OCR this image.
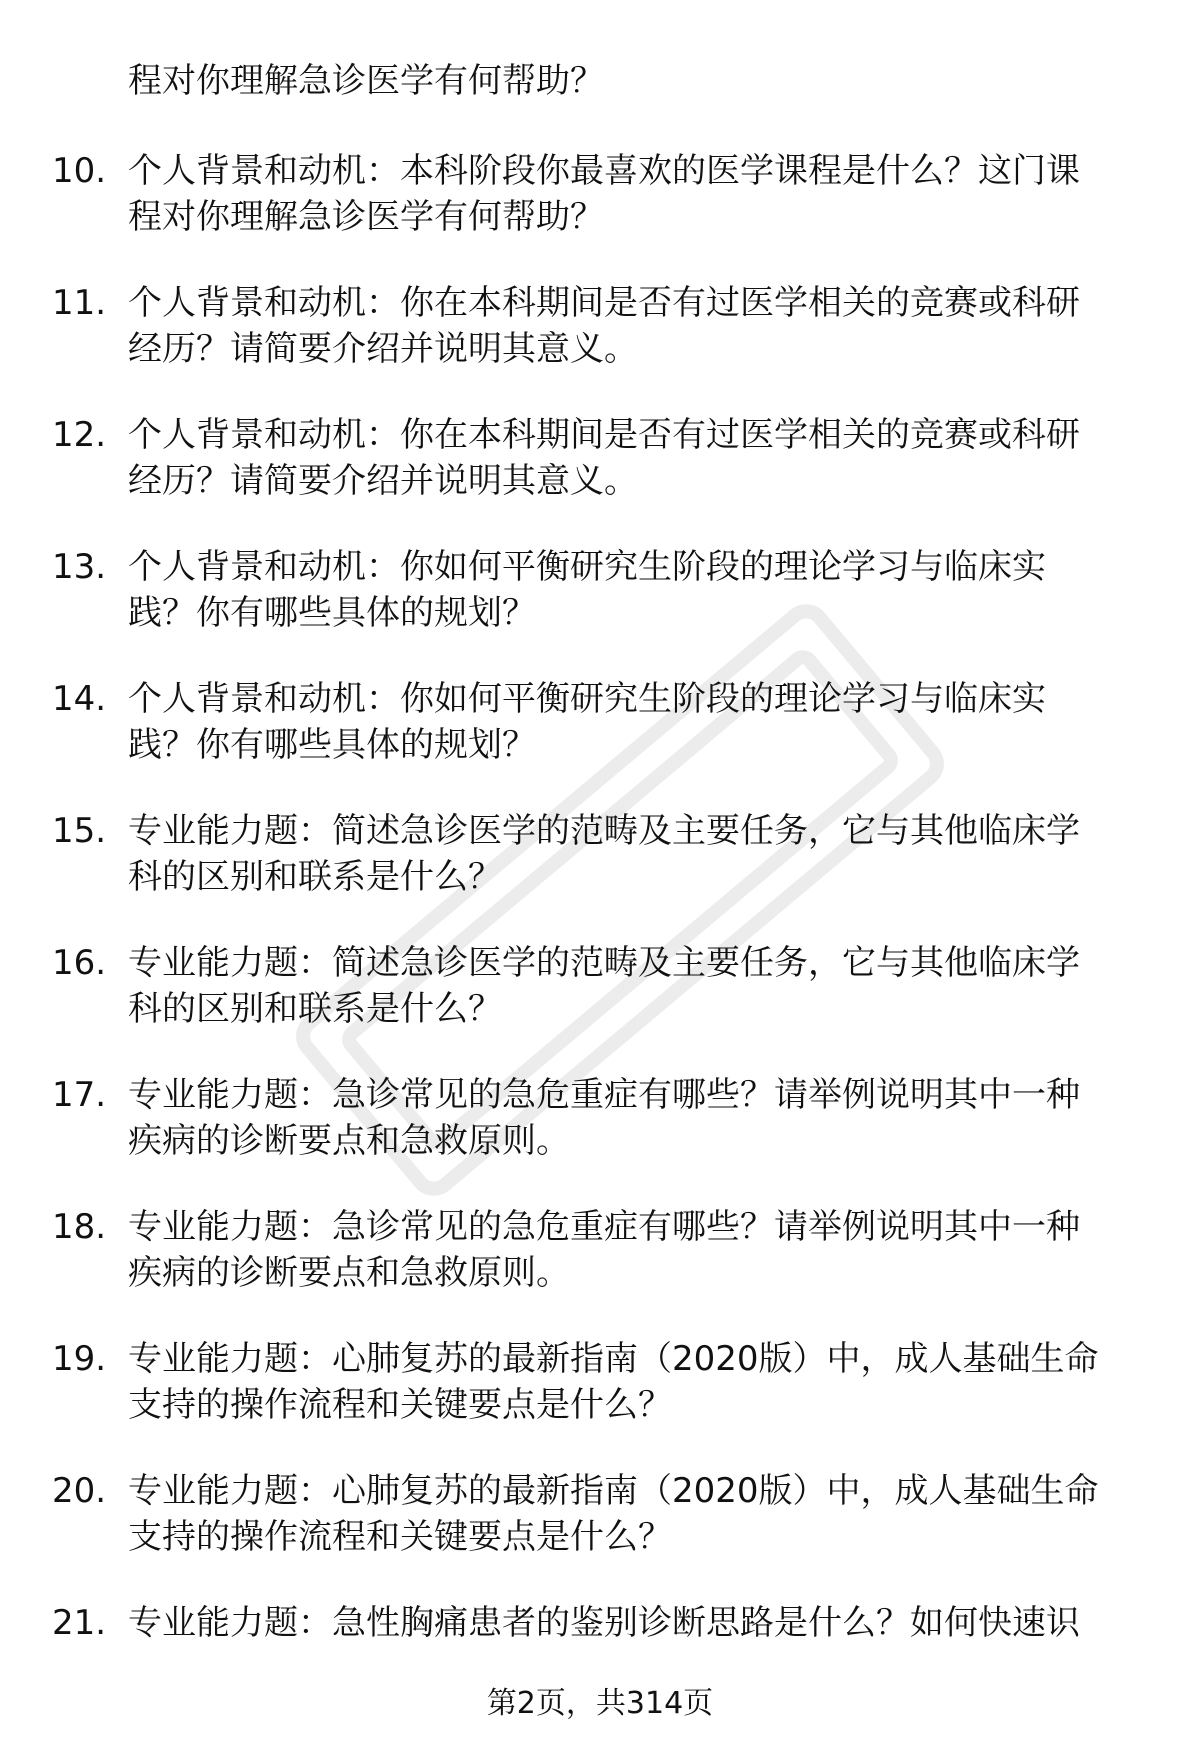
程对你理解急诊医学有何帮助？
10. 个人背景和动机：本科阶段你最喜欢的医学课程是什么？这门课
程对你理解急诊医学有何帮助？
11. 个人背景和动机：你在本科期间是否有过医学相关的竞赛或科研
经历？请简要介绍并说明其意义。
12. 个人背景和动机：你在本科期间是否有过医学相关的竞赛或科研
经历？请简要介绍并说明其意义。
13. 个人背景和动机：你如何平衡研究生阶段的理论学习与临床实
践？你有哪些具体的规划？
14. 个人背景和动机：你如何平衡研究生阶段的理论学习与临床实
践？你有哪些具体的规划？
15. 专业能力题：简述急诊医学的范畴及主要任务，它与其他临床学
科的区别和联系是什么？
16. 专业能力题：简述急诊医学的范畴及主要任务，它与其他临床学
科的区别和联系是什么？
17. 专业能力题：急诊常见的急危重症有哪些？请举例说明其中一种
疾病的诊断要点和急救原则。
18. 专业能力题：急诊常见的急危重症有哪些？请举例说明其中一种
疾病的诊断要点和急救原则。
19. 专业能力题：心肺复苏的最新指南（2020版）中，成人基础生命
支持的操作流程和关键要点是什么？
20. 专业能力题：心肺复苏的最新指南（2020版）中，成人基础生命
支持的操作流程和关键要点是什么？
21. 专业能力题：急性胸痛患者的鉴别诊断思路是什么？如何快速识
第2页，共314页
